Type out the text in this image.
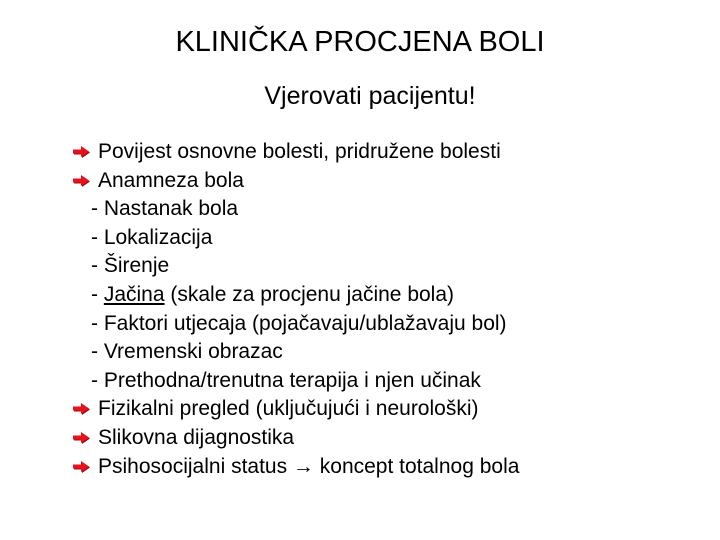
KLINIČKA PROCJENA BOLI
Vjerovati pacijentu!
Povijest osnovne bolesti, pridružene bolesti
Anamneza bola
- Nastanak bola
- Lokalizacija
- Širenje
- Jačina (skale za procjenu jačine bola)
- Faktori utjecaja (pojačavaju/ublažavaju bol)
- Vremenski obrazac
- Prethodna/trenutna terapija i njen učinak
Fizikalni pregled (uključujući i neurološki)
Slikovna dijagnostika
Psihosocijalni status → koncept totalnog bola
